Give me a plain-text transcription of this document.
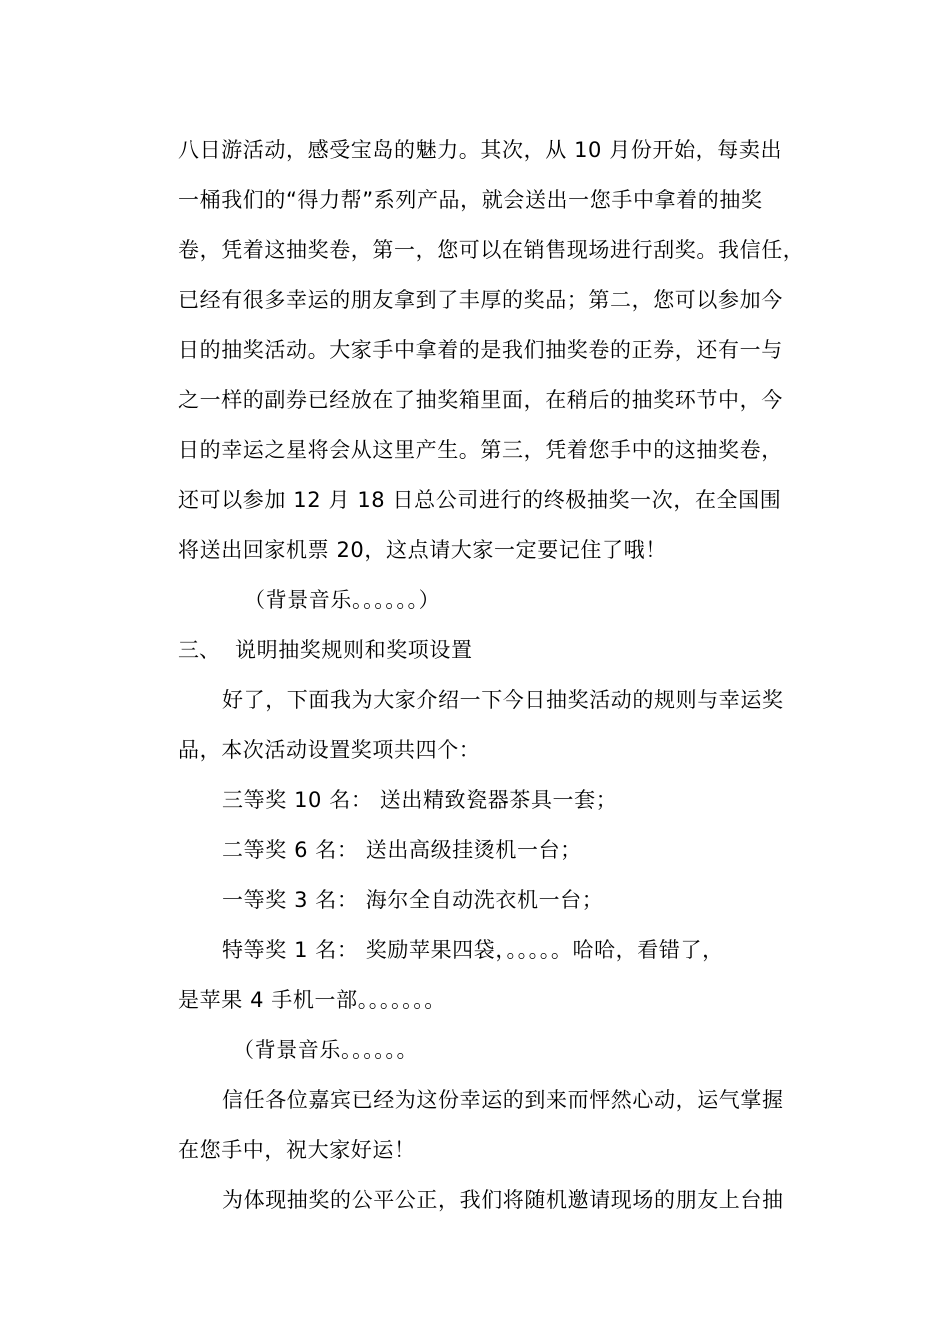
八日游活动，感受宝岛的魅力。其次，从 10 月份开始，每卖出
一桶我们的“得力帮”系列产品，就会送出一您手中拿着的抽奖
卷，凭着这抽奖卷，第一，您可以在销售现场进行刮奖。我信任，
已经有很多幸运的朋友拿到了丰厚的奖品；第二，您可以参加今
日的抽奖活动。大家手中拿着的是我们抽奖卷的正券，还有一与
之一样的副券已经放在了抽奖箱里面，在稍后的抽奖环节中，今
日的幸运之星将会从这里产生。第三，凭着您手中的这抽奖卷，
还可以参加 12 月 18 日总公司进行的终极抽奖一次，在全国围
将送出回家机票 20，这点请大家一定要记住了哦！
（背景音乐。。。。。。）
三、 说明抽奖规则和奖项设置
好了，下面我为大家介绍一下今日抽奖活动的规则与幸运奖
品，本次活动设置奖项共四个：
三等奖 10 名： 送出精致瓷器茶具一套；
二等奖 6 名： 送出高级挂烫机一台；
一等奖 3 名： 海尔全自动洗衣机一台；
特等奖 1 名： 奖励苹果四袋，。。。。。哈哈，看错了，
是苹果 4 手机一部。。。。。。。
（背景音乐。。。。。。
信任各位嘉宾已经为这份幸运的到来而怦然心动，运气掌握
在您手中，祝大家好运！
为体现抽奖的公平公正，我们将随机邀请现场的朋友上台抽
